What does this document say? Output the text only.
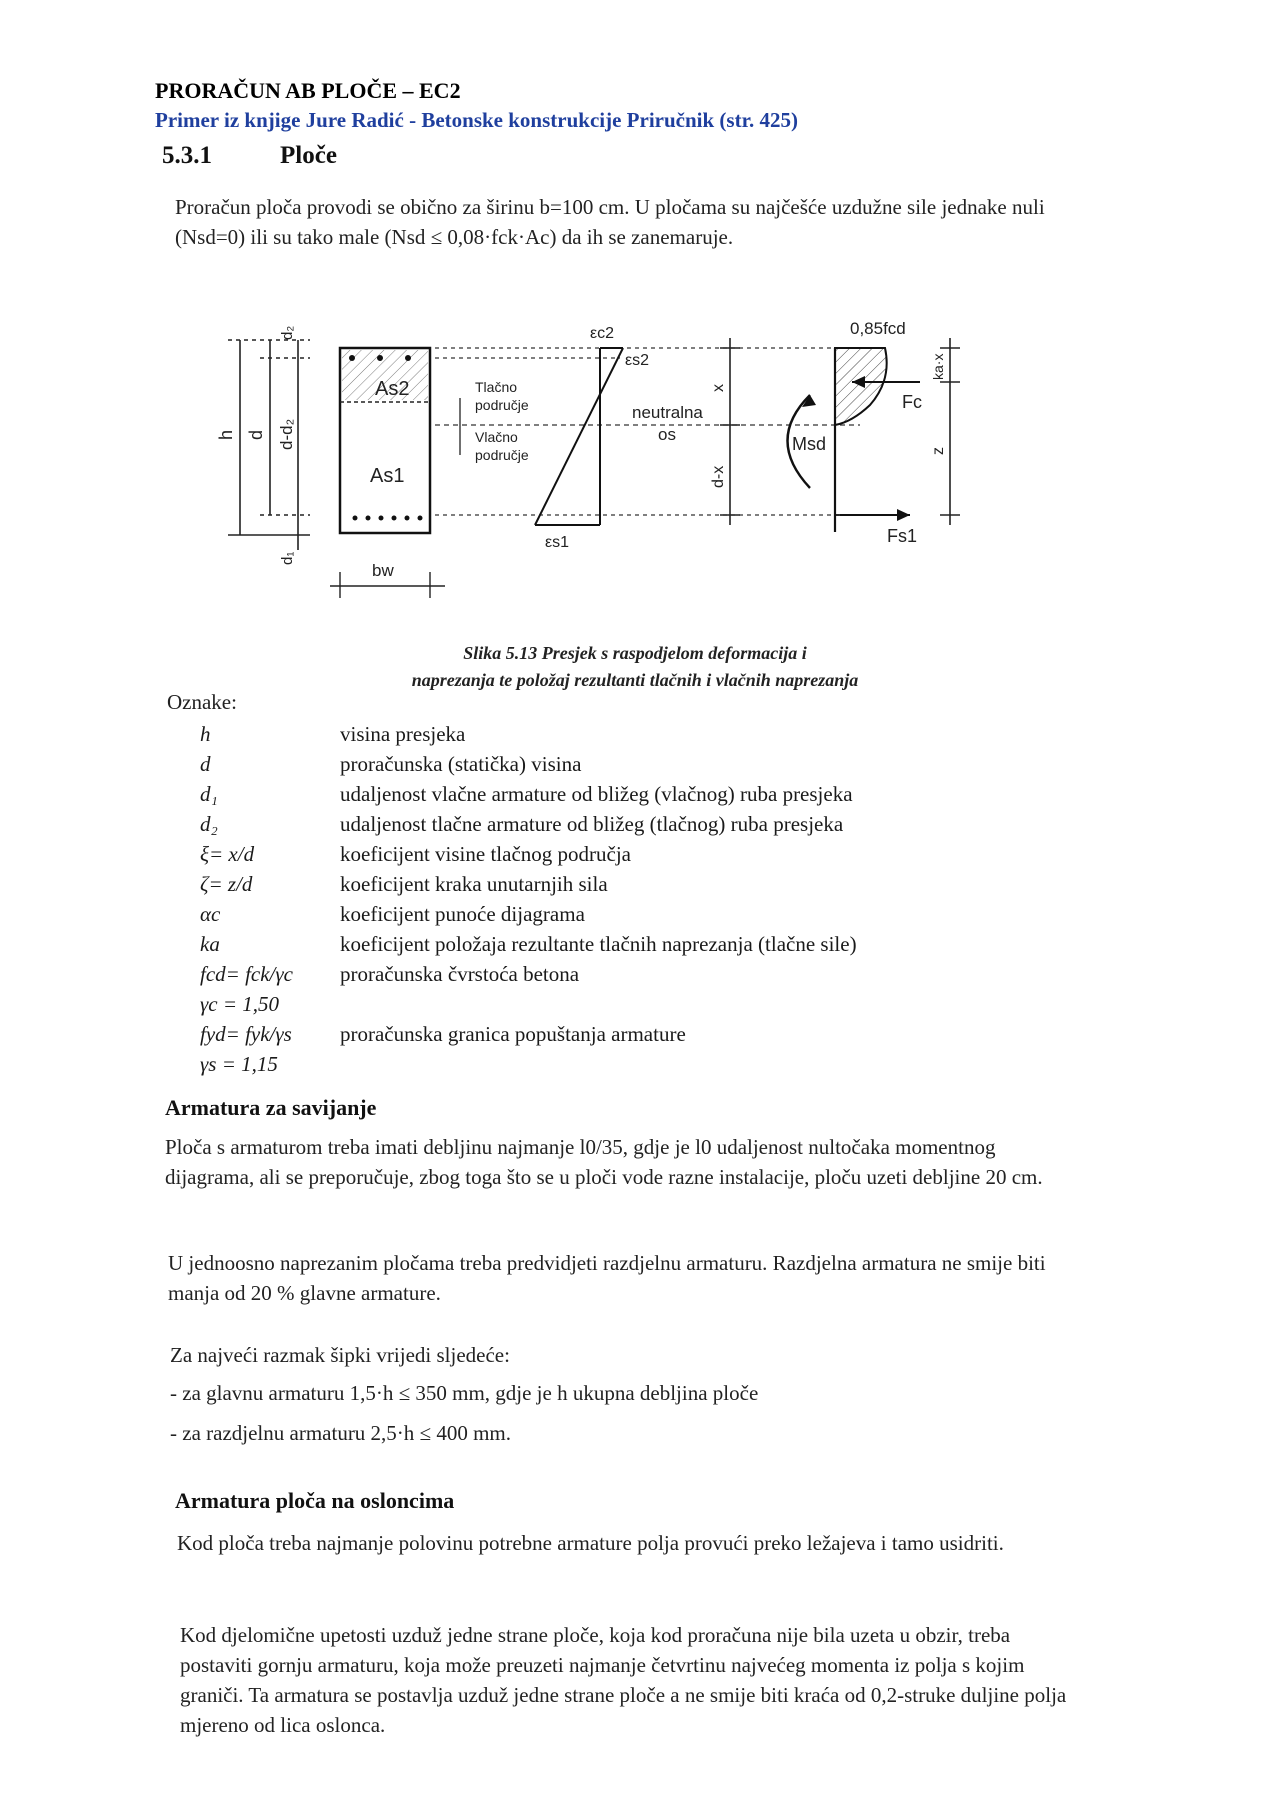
PRORAČUN AB PLOČE – EC2
Primer iz knjige Jure Radić - Betonske konstrukcije Priručnik (str. 425)
5.3.1	Ploče
Proračun ploča provodi se obično za širinu b=100 cm. U pločama su najčešće uzdužne sile jednake nuli (Nsd=0) ili su tako male (Nsd ≤ 0,08·fck·Ac) da ih se zanemaruje.
h d d-d₂
d₂
d₁
As2
As1
bw
Tlačno
područje
Vlačno
područje
εc2
εs2
εs1
neutralna
os
x
d-x
0,85fcd
Fc
Fs1
Msd
ka·x
z
Slika 5.13 Presjek s raspodjelom deformacija i
naprezanja te položaj rezultanti tlačnih i vlačnih naprezanja
Oznake:
h	visina presjeka
d	proračunska (statička) visina
d₁	udaljenost vlačne armature od bližeg (vlačnog) ruba presjeka
d₂	udaljenost tlačne armature od bližeg (tlačnog) ruba presjeka
ξ= x/d	koeficijent visine tlačnog područja
ζ= z/d	koeficijent kraka unutarnjih sila
αc	koeficijent punoće dijagrama
ka	koeficijent položaja rezultante tlačnih naprezanja (tlačne sile)
fcd= fck/γc proračunska čvrstoća betona
γc = 1,50
fyd= fyk/γs proračunska granica popuštanja armature
γs = 1,15
Armatura za savijanje
Ploča s armaturom treba imati debljinu najmanje l0/35, gdje je l0 udaljenost nultočaka momentnog dijagrama, ali se preporučuje, zbog toga što se u ploči vode razne instalacije, ploču uzeti debljine 20 cm.
U jednoosno naprezanim pločama treba predvidjeti razdjelnu armaturu. Razdjelna armatura ne smije biti manja od 20 % glavne armature.
Za najveći razmak šipki vrijedi sljedeće:
- za glavnu armaturu 1,5·h ≤ 350 mm, gdje je h ukupna debljina ploče
- za razdjelnu armaturu 2,5·h ≤ 400 mm.
Armatura ploča na osloncima
Kod ploča treba najmanje polovinu potrebne armature polja provući preko ležajeva i tamo usidriti.
Kod djelomične upetosti uzduž jedne strane ploče, koja kod proračuna nije bila uzeta u obzir, treba postaviti gornju armaturu, koja može preuzeti najmanje četvrtinu najvećeg momenta iz polja s kojim graniči. Ta armatura se postavlja uzduž jedne strane ploče a ne smije biti kraća od 0,2-struke duljine polja mjereno od lica oslonca.
